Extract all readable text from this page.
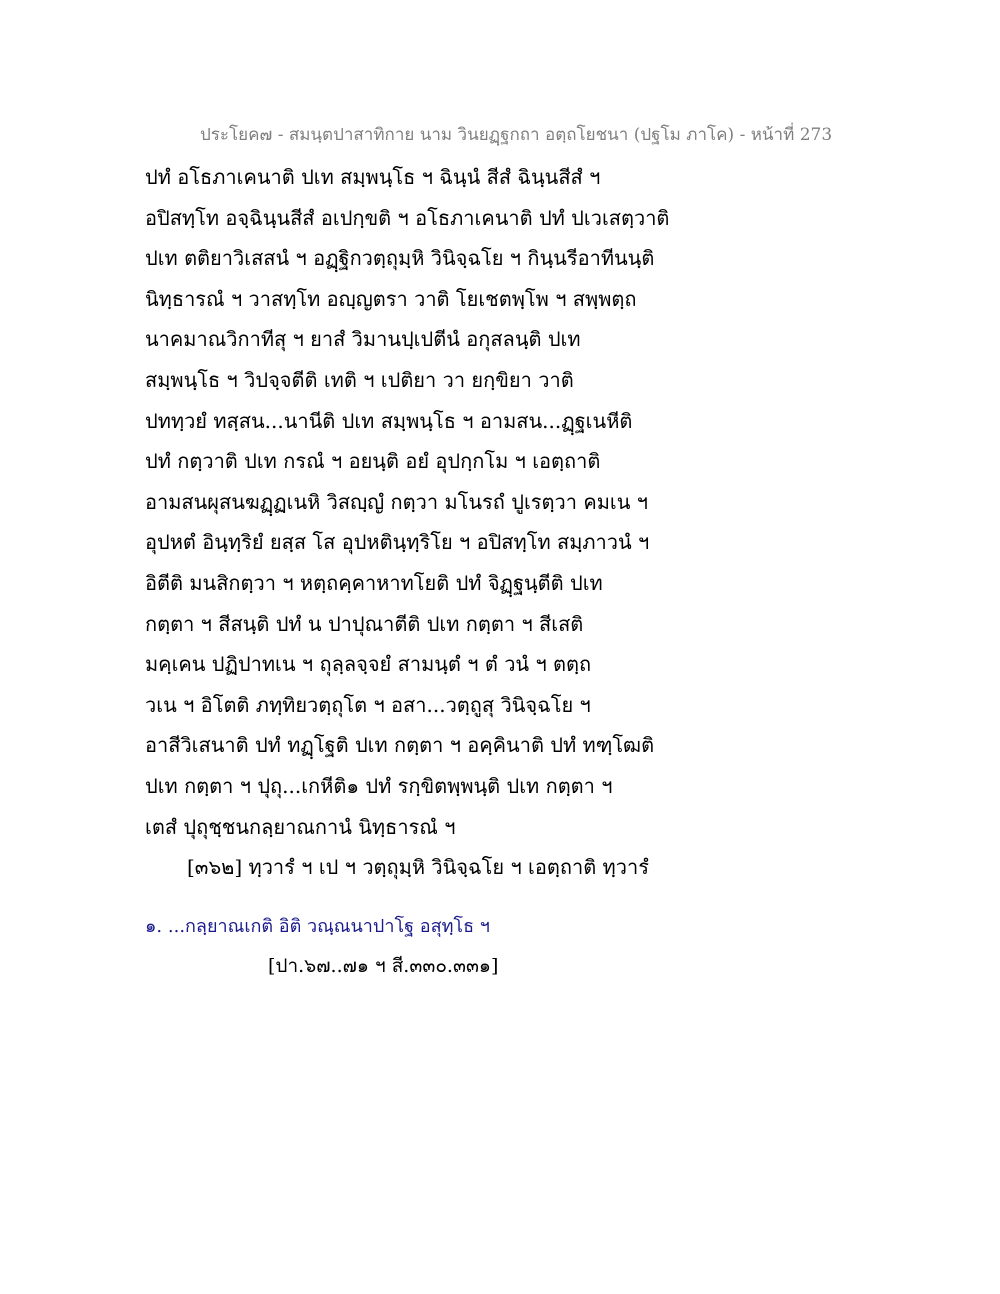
ประโยค๗ - สมนฺตปาสาทิกาย นาม วินยฏฺฐกถา อตฺถโยชนา (ปฐโม ภาโค) - หน้าที่ 273
ปทํ อโธภาเคนาติ ปเท สมฺพนฺโธ ฯ ฉินฺนํ สีสํ ฉินฺนสีสํ ฯ
อปิสทฺโท อจฺฉินฺนสีสํ อเปกฺขติ ฯ อโธภาเคนาติ ปทํ ปเวเสตฺวาติ
ปเท ตติยาวิเสสนํ ฯ อฏฺฐิกวตฺถุมฺหิ วินิจฺฉโย ฯ กินฺนรีอาทีนนฺติ
นิทฺธารณํ ฯ วาสทฺโท อญฺญตรา วาติ โยเชตพฺโพ ฯ สพฺพตฺถ
นาคมาณวิกาทีสุ ฯ ยาสํ วิมานปฺเปตีนํ อกุสลนฺติ ปเท
สมฺพนฺโธ ฯ วิปจฺจตีติ เทติ ฯ เปติยา วา ยกฺขิยา วาติ
ปททฺวยํ ทสฺสน...นานีติ ปเท สมฺพนฺโธ ฯ อามสน...ฏฺฐเนหีติ
ปทํ กตฺวาติ ปเท กรณํ ฯ อยนฺติ อยํ อุปกฺกโม ฯ เอตฺถาติ
อามสนผุสนฆฏฺฏเนหิ วิสญฺญํ กตฺวา มโนรถํ ปูเรตฺวา คมเน ฯ
อุปหตํ อินฺทฺริยํ ยสฺส โส อุปหตินฺทฺริโย ฯ อปิสทฺโท สมฺภาวนํ ฯ
อิตีติ มนสิกตฺวา ฯ หตฺถคฺคาหาทโยติ ปทํ จิฏฺฐนฺตีติ ปเท
กตฺตา ฯ สีสนฺติ ปทํ น ปาปุณาตีติ ปเท กตฺตา ฯ สีเสติ
มคฺเคน ปฏิปาทเน ฯ ถุลฺลจฺจยํ สามนฺตํ ฯ ตํ วนํ ฯ ตตฺถ
วเน ฯ อิโตติ ภทฺทิยวตฺถุโต ฯ อสา...วตฺถูสุ วินิจฺฉโย ฯ
อาสีวิเสนาติ ปทํ ทฏฺโฐติ ปเท กตฺตา ฯ อคฺคินาติ ปทํ ทฑฺโฒติ
ปเท กตฺตา ฯ ปุถุ...เกหีติ๑ ปทํ รกฺขิตพฺพนฺติ ปเท กตฺตา ฯ
เตสํ ปุถุชฺชนกลฺยาณกานํ นิทฺธารณํ ฯ
[๓๖๒] ทฺวารํ ฯ เป ฯ วตฺถุมฺหิ วินิจฺฉโย ฯ เอตฺถาติ ทฺวารํ
๑. ...กลฺยาณเกติ อิติ วณฺณนาปาโฐ อสุทฺโธ ฯ
[ปา.๖๗..๗๑ ฯ สี.๓๓๐.๓๓๑]
